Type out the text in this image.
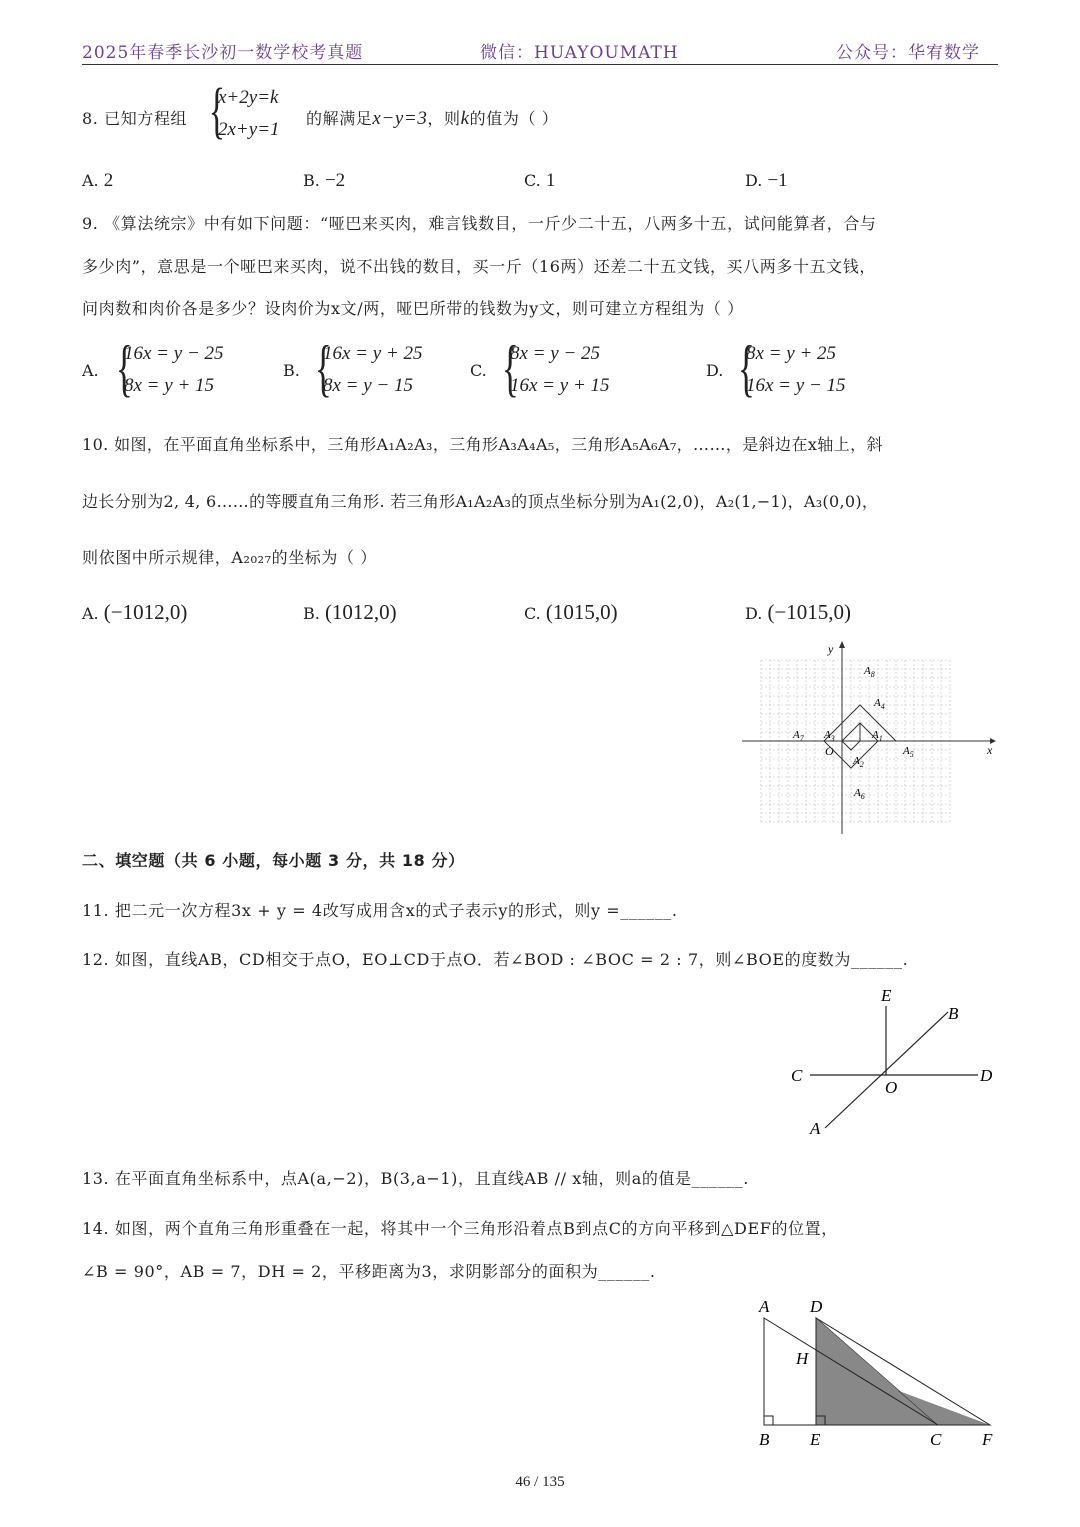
2025年春季长沙初一数学校考真题	微信：HUAYOUMATH	公众号：华宥数学
8. 已知方程组 {
x+2y=k
2x+y=1
的解满足x−y=3，则k的值为（ ）
A. 2	B. −2	C. 1	D. −1
9. 《算法统宗》中有如下问题：“哑巴来买肉，难言钱数目，一斤少二十五，八两多十五，试问能算者，合与
多少肉”，意思是一个哑巴来买肉，说不出钱的数目，买一斤（16两）还差二十五文钱，买八两多十五文钱，
问肉数和肉价各是多少？设肉价为x文/两，哑巴所带的钱数为y文，则可建立方程组为（ ）
A. {
16x = y − 25
8x = y + 15
B. {
16x = y + 25
8x = y − 15
C. {
8x = y − 25
16x = y + 15
D. {
8x = y + 25
16x = y − 15
10. 如图，在平面直角坐标系中，三角形A₁A₂A₃，三角形A₃A₄A₅，三角形A₅A₆A₇，……，是斜边在x轴上，斜
边长分别为2, 4, 6……的等腰直角三角形. 若三角形A₁A₂A₃的顶点坐标分别为A₁(2,0)，A₂(1,−1)，A₃(0,0)，
则依图中所示规律，A₂₀₂₇的坐标为（ ）
A. (−1012,0)	B. (1012,0)	C. (1015,0)	D. (−1015,0)
x
y
O
$A_8$
$A_4$
$A_7$ $A_3$	$A_1$
$A_5$
$A_2$
$A_6$
二、填空题（共 6 小题，每小题 3 分，共 18 分）
11. 把二元一次方程3x + y = 4改写成用含x的式子表示y的形式，则y =______.
12. 如图，直线AB，CD相交于点O，EO⊥CD于点O．若∠BOD : ∠BOC = 2 : 7，则∠BOE的度数为______.
E
B
C
O
D
A
13. 在平面直角坐标系中，点A(a,−2)，B(3,a−1)，且直线AB // x轴，则a的值是______.
14. 如图，两个直角三角形重叠在一起，将其中一个三角形沿着点B到点C的方向平移到△DEF的位置，
∠B = 90°，AB = 7，DH = 2，平移距离为3，求阴影部分的面积为______.
A D
H
B E	C F
46 / 135
